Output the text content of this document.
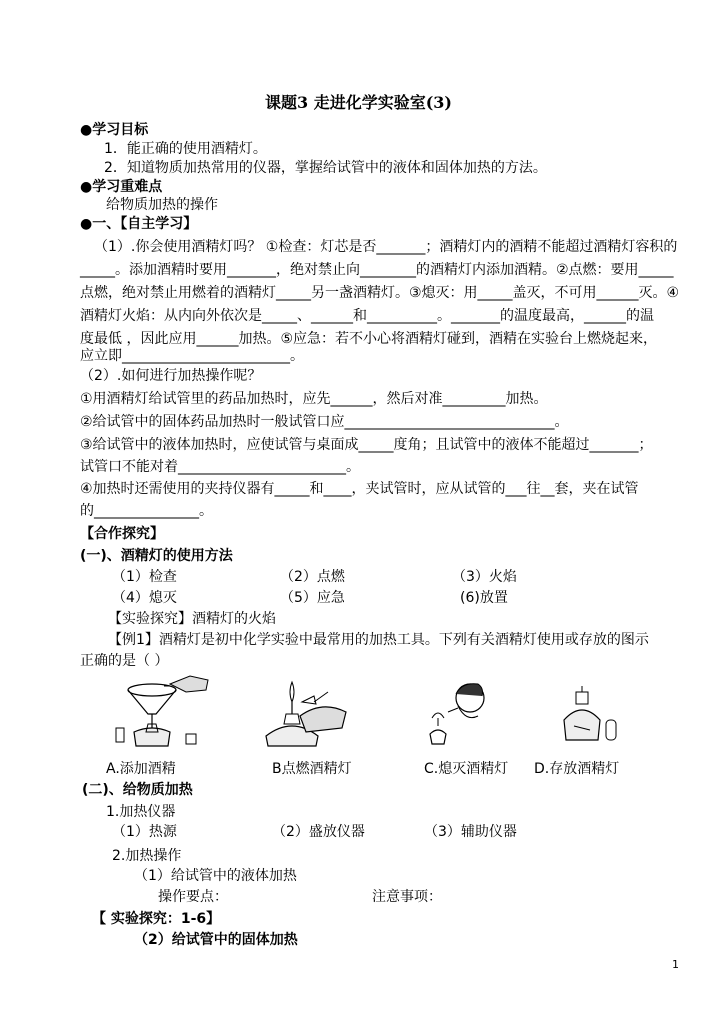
课题3 走进化学实验室(3)
●学习目标
1．能正确的使用酒精灯。
2．知道物质加热常用的仪器，掌握给试管中的液体和固体加热的方法。
●学习重难点
给物质加热的操作
●一、【自主学习】
（1）.你会使用酒精灯吗？ ①检查：灯芯是否_______；酒精灯内的酒精不能超过酒精灯容积的
_____。添加酒精时要用_______，绝对禁止向________的酒精灯内添加酒精。②点燃：要用_____
点燃，绝对禁止用燃着的酒精灯_____另一盏酒精灯。③熄灭：用_____盖灭，不可用______灭。④
酒精灯火焰：从内向外依次是_____、______和__________。_______的温度最高，______的温
度最低 ，因此应用______加热。⑤应急：若不小心将酒精灯碰到，酒精在实验台上燃烧起来，
应立即________________________。
（2）.如何进行加热操作呢？
①用酒精灯给试管里的药品加热时，应先______，然后对准_________加热。
②给试管中的固体药品加热时一般试管口应______________________________。
③给试管中的液体加热时，应使试管与桌面成_____度角；且试管中的液体不能超过_______；
试管口不能对着________________________。
④加热时还需使用的夹持仪器有_____和____，夹试管时，应从试管的___往__套，夹在试管
的_______________。
【合作探究】
(一)、酒精灯的使用方法
（1）检查	（2）点燃	（3）火焰
（4）熄灭	（5）应急	(6)放置
【实验探究】酒精灯的火焰
【例1】酒精灯是初中化学实验中最常用的加热工具。下列有关酒精灯使用或存放的图示
正确的是（ ）
A.添加酒精	B点燃酒精灯	C.熄灭酒精灯 D.存放酒精灯
(二)、给物质加热
1.加热仪器
（1）热源	（2）盛放仪器	（3）辅助仪器
2.加热操作
（1）给试管中的液体加热
操作要点：	注意事项：
【 实验探究：1-6】
（2）给试管中的固体加热
1
